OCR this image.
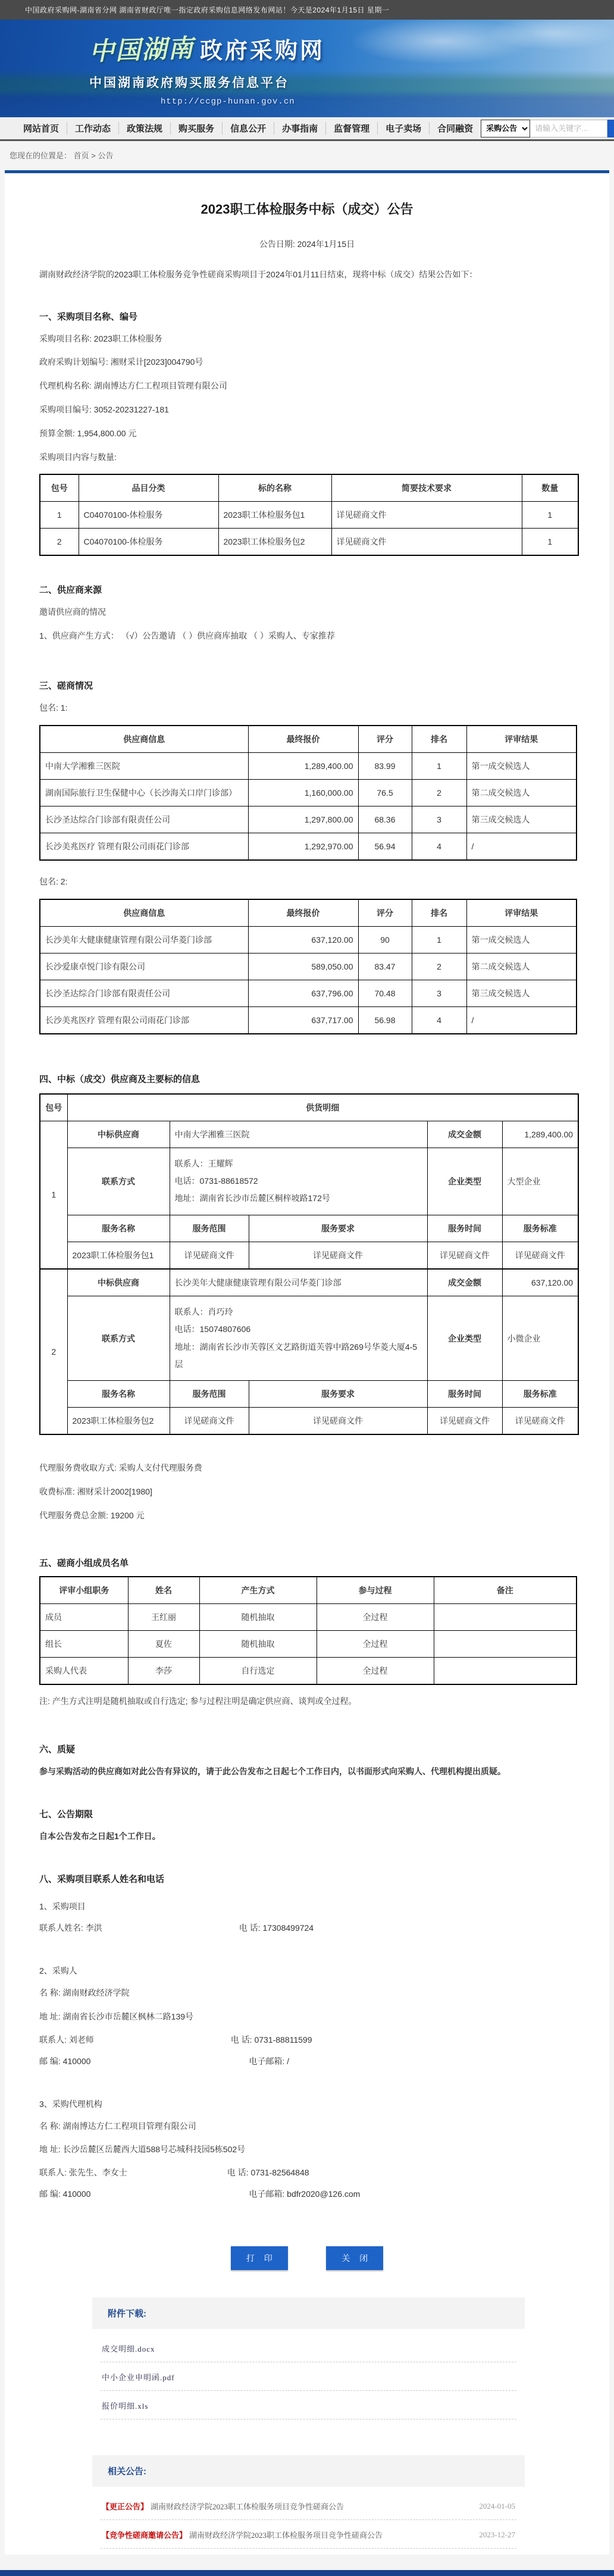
中国政府采购网-湖南省分网 湖南省财政厅唯一指定政府采购信息网络发布网站！今天是2024年1月15日 星期一
中国湖南 政府采购网
中国湖南政府购买服务信息平台
http://ccgp-hunan.gov.cn
网站首页	工作动态	政策法规	购买服务	信息公开	办事指南	监督管理	电子卖场	合同融资
采购公告
请输入关键字...
您现在的位置是： 首页 > 公告
2023职工体检服务中标（成交）公告
公告日期: 2024年1月15日

湖南财政经济学院的2023职工体检服务竞争性磋商采购项目于2024年01月11日结束，现将中标（成交）结果公告如下：

一、采购项目名称、编号
采购项目名称: 2023职工体检服务
政府采购计划编号: 湘财采计[2023]004790号
代理机构名称: 湖南博达方仁工程项目管理有限公司
采购项目编号: 3052-20231227-181
预算金额: 1,954,800.00 元
采购项目内容与数量:
包号	品目分类	标的名称	简要技术要求	数量
1	C04070100-体检服务	2023职工体检服务包1	详见磋商文件	1
2	C04070100-体检服务	2023职工体检服务包2	详见磋商文件	1
二、供应商来源
邀请供应商的情况
1、供应商产生方式： （√）公告邀请 （ ）供应商库抽取 （ ）采购人、专家推荐
三、磋商情况
包名: 1:
供应商信息	最终报价	评分	排名	评审结果
中南大学湘雅三医院	1,289,400.00	83.99	1	第一成交候选人
湖南国际旅行卫生保健中心（长沙海关口岸门诊部）	1,160,000.00	76.5	2	第二成交候选人
长沙圣达综合门诊部有限责任公司	1,297,800.00	68.36	3	第三成交候选人
长沙美兆医疗 管理有限公司雨花门诊部	1,292,970.00	56.94	4	/
包名: 2:
供应商信息	最终报价	评分	排名	评审结果
长沙美年大健康健康管理有限公司华菱门诊部	637,120.00	90	1	第一成交候选人
长沙爱康卓悦门诊有限公司	589,050.00	83.47	2	第二成交候选人
长沙圣达综合门诊部有限责任公司	637,796.00	70.48	3	第三成交候选人
长沙美兆医疗 管理有限公司雨花门诊部	637,717.00	56.98	4	/
四、中标（成交）供应商及主要标的信息
包号	供货明细				
1	中标供应商	中南大学湘雅三医院		成交金额	1,289,400.00
	联系方式	联系人：王耀辉
电话：0731-88618572
地址：湖南省长沙市岳麓区桐梓坡路172号		企业类型	大型企业
	服务名称	服务范围	服务要求	服务时间	服务标准
	2023职工体检服务包1	详见磋商文件	详见磋商文件	详见磋商文件	详见磋商文件
2	中标供应商	长沙美年大健康健康管理有限公司华菱门诊部		成交金额	637,120.00
	联系方式	联系人：肖巧玲
电话：15074807606
地址：湖南省长沙市芙蓉区文艺路街道芙蓉中路269号华菱大厦4-5层		企业类型	小微企业
	服务名称	服务范围	服务要求	服务时间	服务标准
	2023职工体检服务包2	详见磋商文件	详见磋商文件	详见磋商文件	详见磋商文件
代理服务费收取方式: 采购人支付代理服务费
收费标准: 湘财采计2002[1980]
代理服务费总金额: 19200 元
五、磋商小组成员名单
评审小组职务	姓名	产生方式	参与过程	备注
成员	王红丽	随机抽取	全过程	
组长	夏佐	随机抽取	全过程	
采购人代表	李莎	自行选定	全过程	
注: 产生方式注明是随机抽取或自行选定; 参与过程注明是确定供应商、谈判或全过程。
六、质疑
参与采购活动的供应商如对此公告有异议的，请于此公告发布之日起七个工作日内，以书面形式向采购人、代理机构提出质疑。
七、公告期限
自本公告发布之日起1个工作日。
八、采购项目联系人姓名和电话
1、采购项目
联系人姓名: 李洪	电 话: 17308499724
2、采购人
名 称: 湖南财政经济学院
地 址: 湖南省长沙市岳麓区枫林二路139号
联系人: 刘老师	电 话: 0731-88811599
邮 编: 410000	电子邮箱: /
3、采购代理机构
名 称: 湖南博达方仁工程项目管理有限公司
地 址: 长沙岳麓区岳麓西大道588号芯城科技园5栋502号
联系人: 张先生、李女士	电 话: 0731-82564848
邮 编: 410000	电子邮箱: bdfr2020@126.com
打 印	关 闭
附件下载:
成交明细.docx
中小企业申明函.pdf
报价明细.xls
相关公告:
【更正公告】 湖南财政经济学院2023职工体检服务项目竞争性磋商公告	2024-01-05
【竞争性磋商邀请公告】 湖南财政经济学院2023职工体检服务项目竞争性磋商公告	2023-12-27
